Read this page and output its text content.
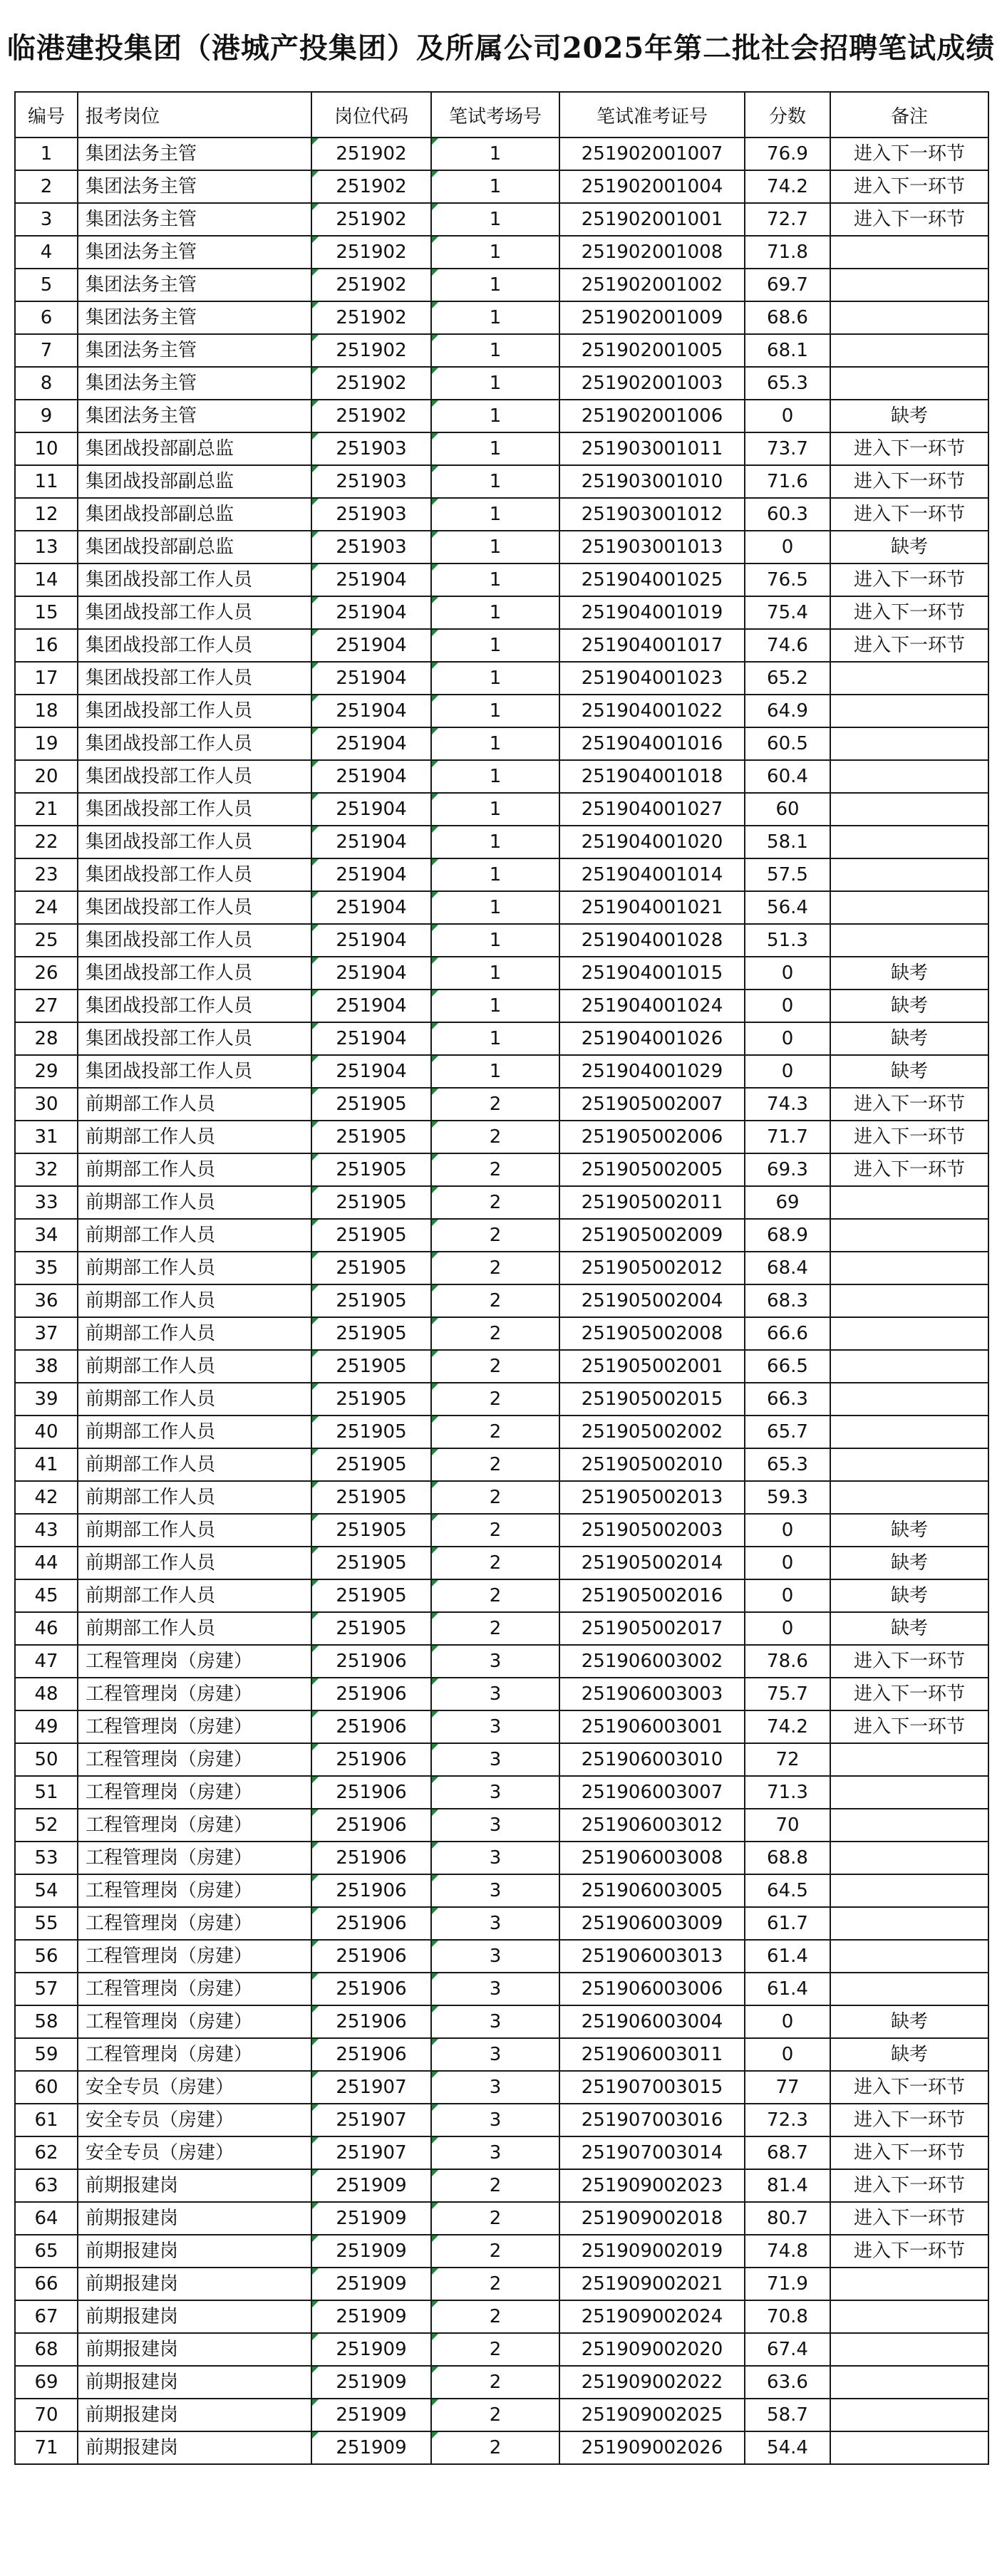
临港建投集团（港城产投集团）及所属公司2025年第二批社会招聘笔试成绩
编号	报考岗位	岗位代码	笔试考场号	笔试准考证号	分数	备注
1	集团法务主管	251902	1	251902001007	76.9	进入下一环节
2	集团法务主管	251902	1	251902001004	74.2	进入下一环节
3	集团法务主管	251902	1	251902001001	72.7	进入下一环节
4	集团法务主管	251902	1	251902001008	71.8	
5	集团法务主管	251902	1	251902001002	69.7	
6	集团法务主管	251902	1	251902001009	68.6	
7	集团法务主管	251902	1	251902001005	68.1	
8	集团法务主管	251902	1	251902001003	65.3	
9	集团法务主管	251902	1	251902001006	0	缺考
10	集团战投部副总监	251903	1	251903001011	73.7	进入下一环节
11	集团战投部副总监	251903	1	251903001010	71.6	进入下一环节
12	集团战投部副总监	251903	1	251903001012	60.3	进入下一环节
13	集团战投部副总监	251903	1	251903001013	0	缺考
14	集团战投部工作人员	251904	1	251904001025	76.5	进入下一环节
15	集团战投部工作人员	251904	1	251904001019	75.4	进入下一环节
16	集团战投部工作人员	251904	1	251904001017	74.6	进入下一环节
17	集团战投部工作人员	251904	1	251904001023	65.2	
18	集团战投部工作人员	251904	1	251904001022	64.9	
19	集团战投部工作人员	251904	1	251904001016	60.5	
20	集团战投部工作人员	251904	1	251904001018	60.4	
21	集团战投部工作人员	251904	1	251904001027	60	
22	集团战投部工作人员	251904	1	251904001020	58.1	
23	集团战投部工作人员	251904	1	251904001014	57.5	
24	集团战投部工作人员	251904	1	251904001021	56.4	
25	集团战投部工作人员	251904	1	251904001028	51.3	
26	集团战投部工作人员	251904	1	251904001015	0	缺考
27	集团战投部工作人员	251904	1	251904001024	0	缺考
28	集团战投部工作人员	251904	1	251904001026	0	缺考
29	集团战投部工作人员	251904	1	251904001029	0	缺考
30	前期部工作人员	251905	2	251905002007	74.3	进入下一环节
31	前期部工作人员	251905	2	251905002006	71.7	进入下一环节
32	前期部工作人员	251905	2	251905002005	69.3	进入下一环节
33	前期部工作人员	251905	2	251905002011	69	
34	前期部工作人员	251905	2	251905002009	68.9	
35	前期部工作人员	251905	2	251905002012	68.4	
36	前期部工作人员	251905	2	251905002004	68.3	
37	前期部工作人员	251905	2	251905002008	66.6	
38	前期部工作人员	251905	2	251905002001	66.5	
39	前期部工作人员	251905	2	251905002015	66.3	
40	前期部工作人员	251905	2	251905002002	65.7	
41	前期部工作人员	251905	2	251905002010	65.3	
42	前期部工作人员	251905	2	251905002013	59.3	
43	前期部工作人员	251905	2	251905002003	0	缺考
44	前期部工作人员	251905	2	251905002014	0	缺考
45	前期部工作人员	251905	2	251905002016	0	缺考
46	前期部工作人员	251905	2	251905002017	0	缺考
47	工程管理岗（房建）	251906	3	251906003002	78.6	进入下一环节
48	工程管理岗（房建）	251906	3	251906003003	75.7	进入下一环节
49	工程管理岗（房建）	251906	3	251906003001	74.2	进入下一环节
50	工程管理岗（房建）	251906	3	251906003010	72	
51	工程管理岗（房建）	251906	3	251906003007	71.3	
52	工程管理岗（房建）	251906	3	251906003012	70	
53	工程管理岗（房建）	251906	3	251906003008	68.8	
54	工程管理岗（房建）	251906	3	251906003005	64.5	
55	工程管理岗（房建）	251906	3	251906003009	61.7	
56	工程管理岗（房建）	251906	3	251906003013	61.4	
57	工程管理岗（房建）	251906	3	251906003006	61.4	
58	工程管理岗（房建）	251906	3	251906003004	0	缺考
59	工程管理岗（房建）	251906	3	251906003011	0	缺考
60	安全专员（房建）	251907	3	251907003015	77	进入下一环节
61	安全专员（房建）	251907	3	251907003016	72.3	进入下一环节
62	安全专员（房建）	251907	3	251907003014	68.7	进入下一环节
63	前期报建岗	251909	2	251909002023	81.4	进入下一环节
64	前期报建岗	251909	2	251909002018	80.7	进入下一环节
65	前期报建岗	251909	2	251909002019	74.8	进入下一环节
66	前期报建岗	251909	2	251909002021	71.9	
67	前期报建岗	251909	2	251909002024	70.8	
68	前期报建岗	251909	2	251909002020	67.4	
69	前期报建岗	251909	2	251909002022	63.6	
70	前期报建岗	251909	2	251909002025	58.7	
71	前期报建岗	251909	2	251909002026	54.4	
